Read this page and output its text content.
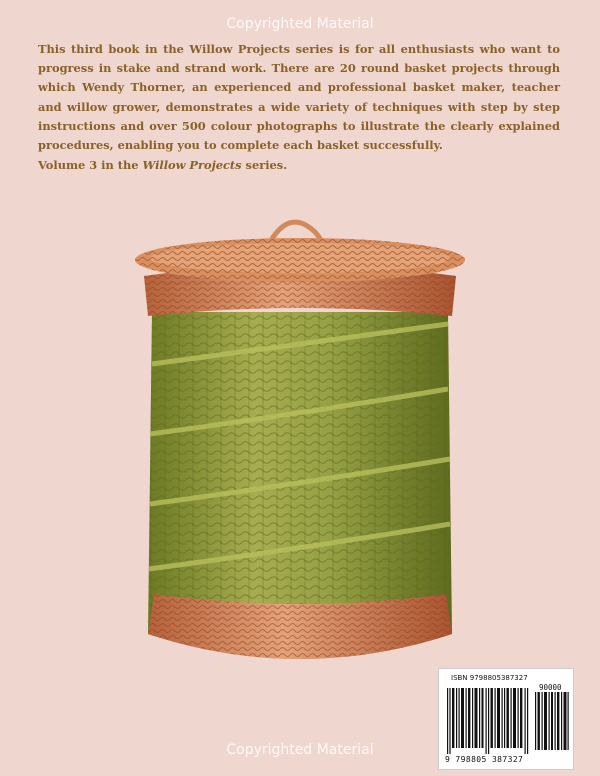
Copyrighted Material

This third book in the Willow Projects series is for all enthusiasts who want to progress in stake and strand work. There are 20 round basket projects through which Wendy Thorner, an experienced and professional basket maker, teacher and willow grower, demonstrates a wide variety of techniques with step by step instructions and over 500 colour photographs to illustrate the clearly explained procedures, enabling you to complete each basket successfully.

Volume 3 in the Willow Projects series.

ISBN 9798805387327
90000
9 798805 387327
Copyrighted Material
